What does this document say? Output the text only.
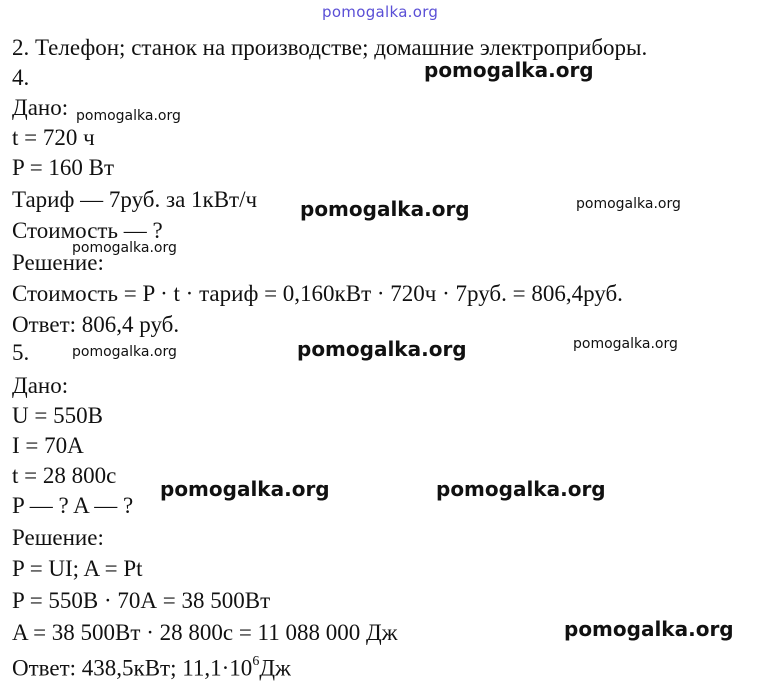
pomogalka.org
2. Телефон; станок на производстве; домашние электроприборы.
4.
Дано:
t = 720 ч
P = 160 Вт
Тариф — 7руб. за 1кВт/ч
Стоимость — ?
Решение:
Стоимость = P · t · тариф = 0,160кВт · 720ч · 7руб. = 806,4руб.
Ответ: 806,4 руб.
5.
Дано:
U = 550В
I = 70А
t = 28 800с
P — ? A — ?
Решение:
P = UI; A = Pt
P = 550В · 70А = 38 500Вт
A = 38 500Вт · 28 800с = 11 088 000 Дж
Ответ: 438,5кВт; $11,1\cdot 10^6Дж$
pomogalka.org
pomogalka.org
pomogalka.org	pomogalka.org
pomogalka.org
pomogalka.org	pomogalka.org	pomogalka.org
pomogalka.org	pomogalka.org
pomogalka.org
